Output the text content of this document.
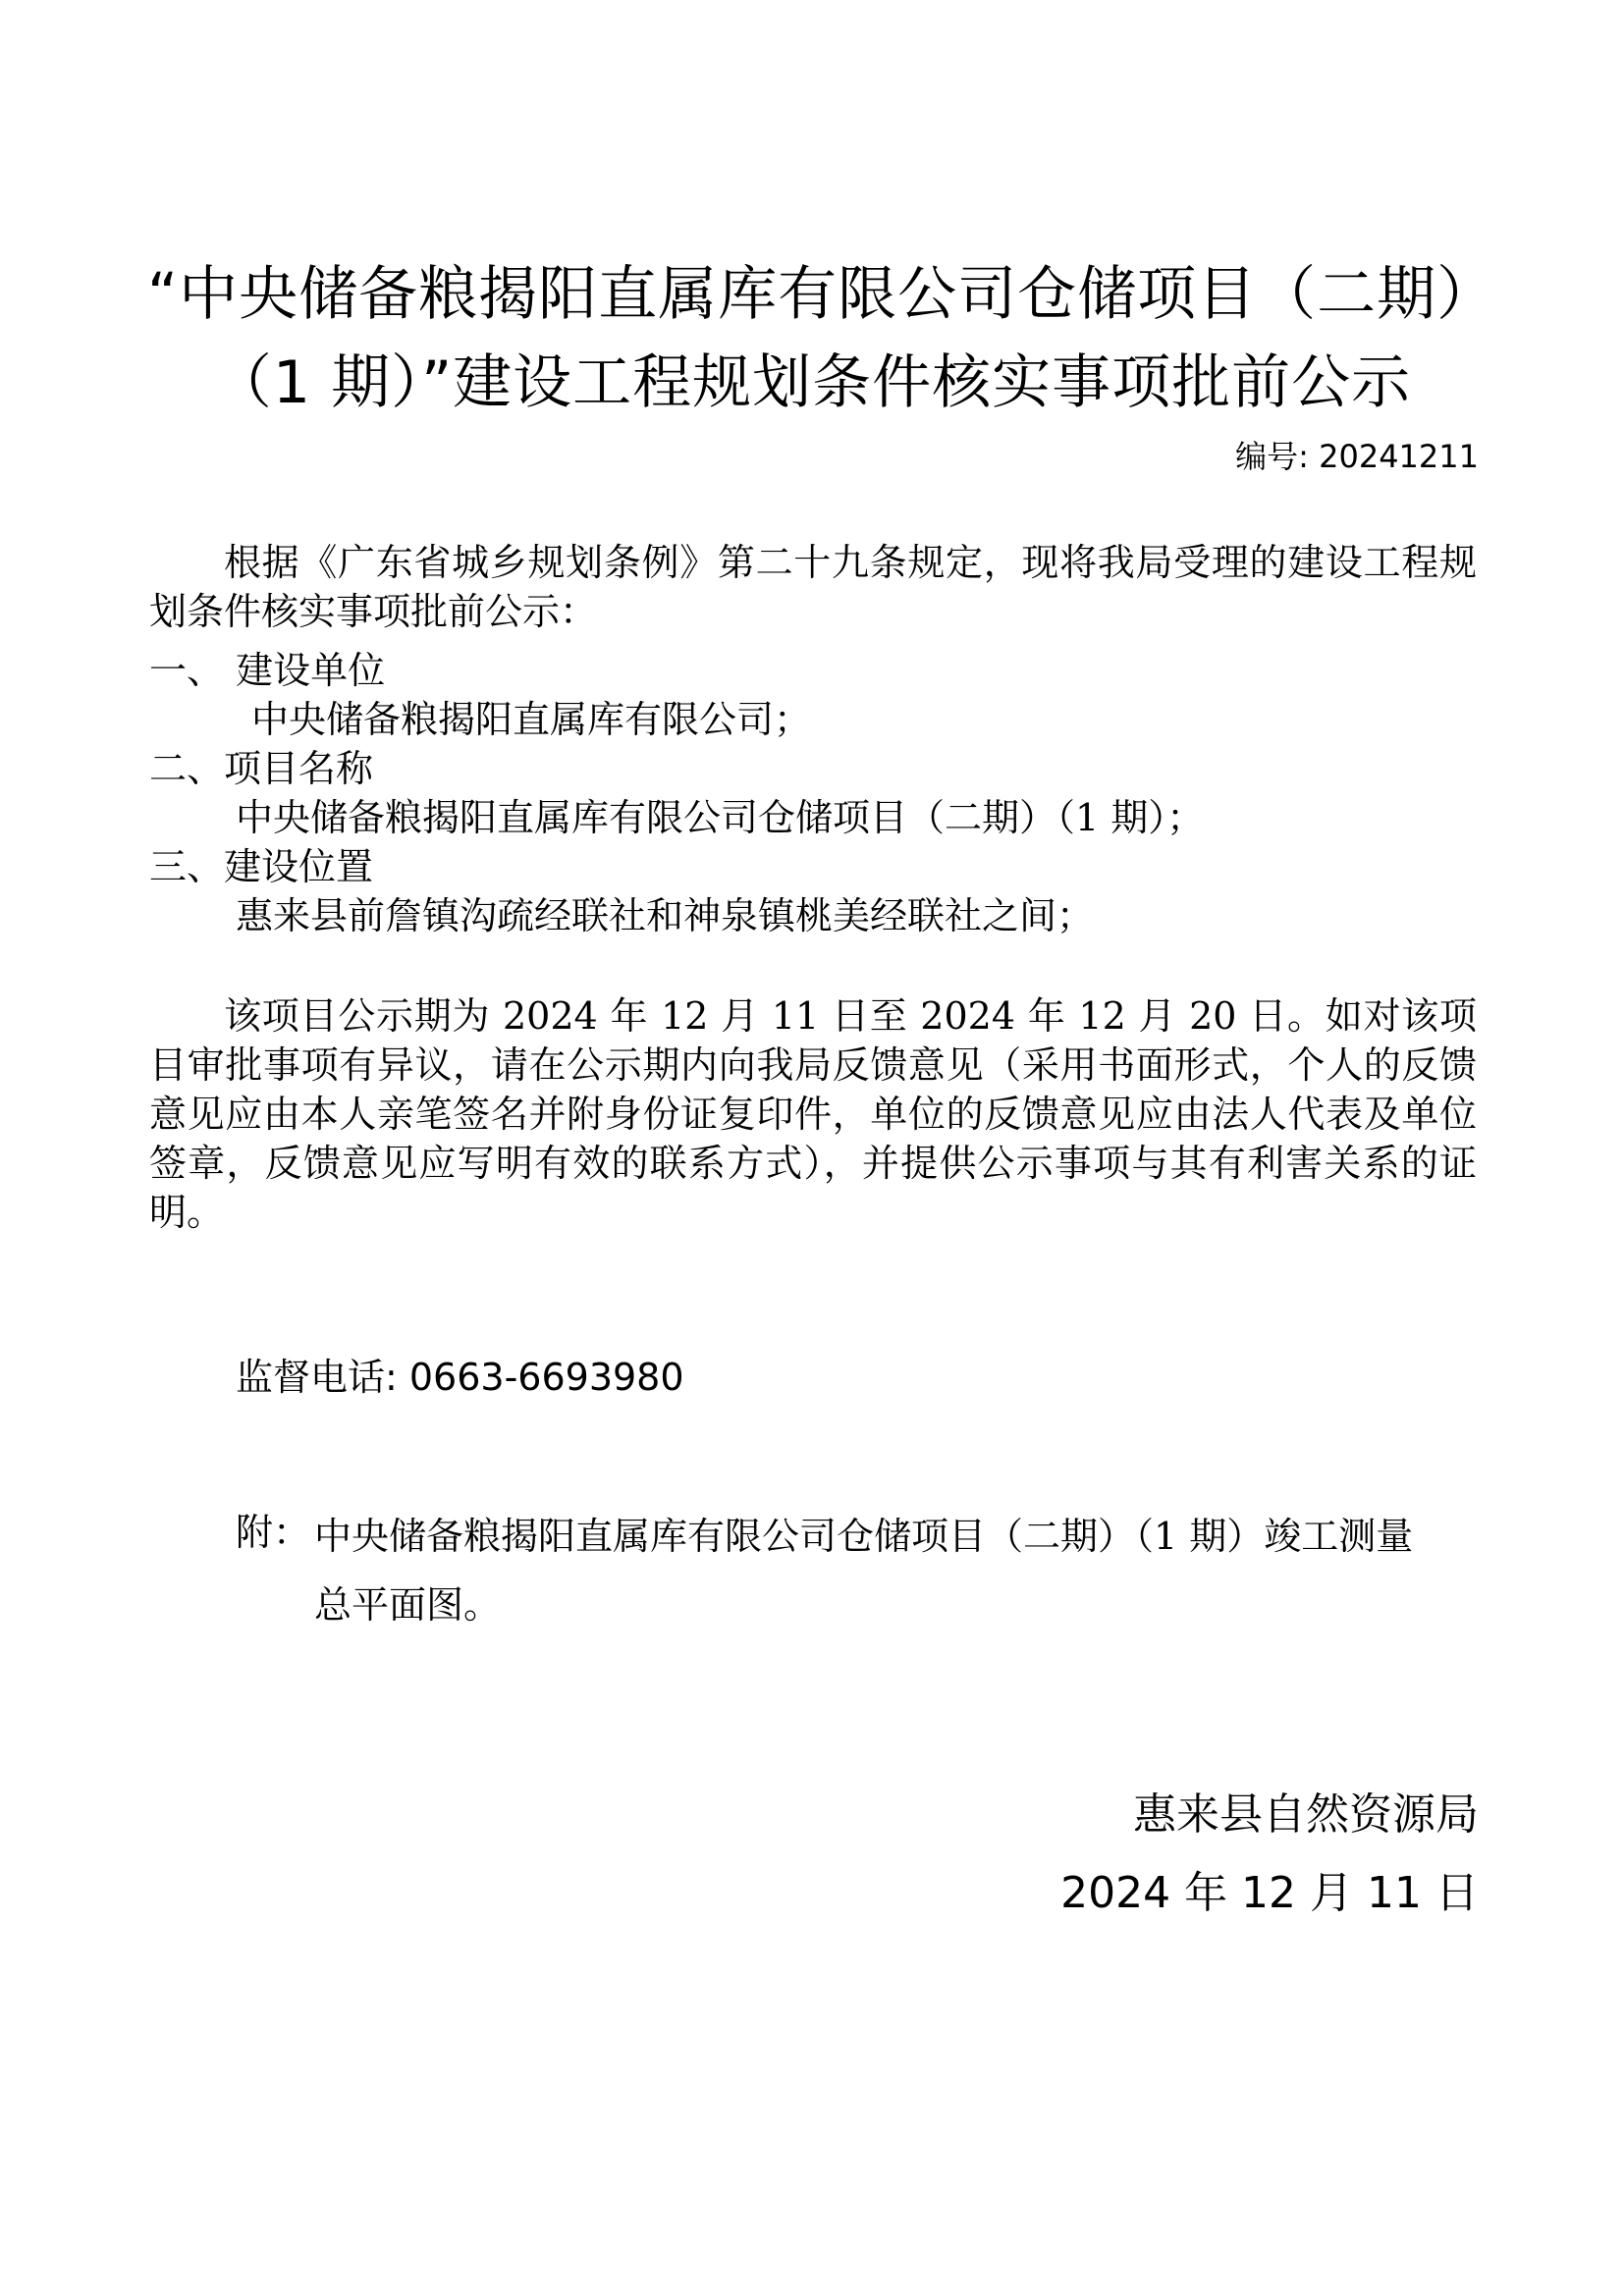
“中央储备粮揭阳直属库有限公司仓储项目（二期）
（1 期）”建设工程规划条件核实事项批前公示
编号: 20241211
根据《广东省城乡规划条例》第二十九条规定，现将我局受理的建设工程规划条件核实事项批前公示：
一、 建设单位
中央储备粮揭阳直属库有限公司；
二、项目名称
中央储备粮揭阳直属库有限公司仓储项目（二期）（1 期）；
三、建设位置
惠来县前詹镇沟疏经联社和神泉镇桃美经联社之间；
该项目公示期为 2024 年 12 月 11 日至 2024 年 12 月 20 日。如对该项目审批事项有异议，请在公示期内向我局反馈意见（采用书面形式，个人的反馈意见应由本人亲笔签名并附身份证复印件，单位的反馈意见应由法人代表及单位签章，反馈意见应写明有效的联系方式），并提供公示事项与其有利害关系的证明。
监督电话: 0663-6693980
附： 中央储备粮揭阳直属库有限公司仓储项目（二期）（1 期）竣工测量总平面图。
惠来县自然资源局
2024 年 12 月 11 日
